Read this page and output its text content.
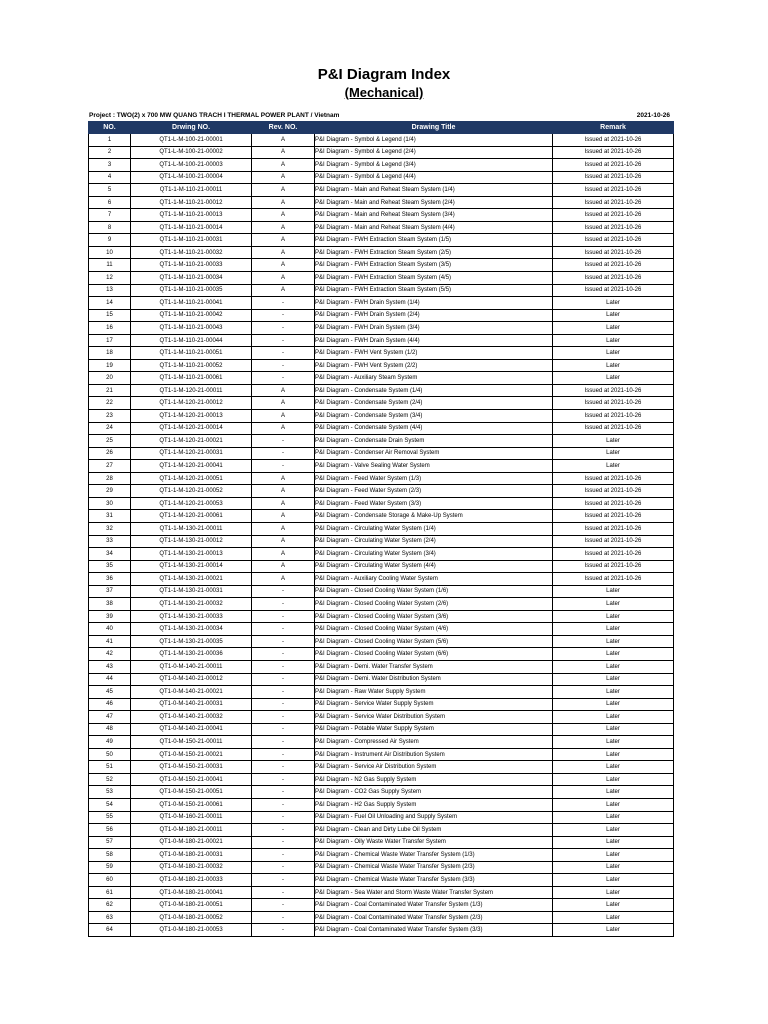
P&I Diagram Index
(Mechanical)
Project : TWO(2) x 700 MW QUANG TRACH I THERMAL POWER PLANT / Vietnam	2021-10-26
NO.	Drwing NO.	Rev. NO.	Drawing Title	Remark
1	QT1-L-M-100-21-00001	A	P&I Diagram - Symbol & Legend (1/4)	Issued at 2021-10-26
2	QT1-L-M-100-21-00002	A	P&I Diagram - Symbol & Legend (2/4)	Issued at 2021-10-26
3	QT1-L-M-100-21-00003	A	P&I Diagram - Symbol & Legend (3/4)	Issued at 2021-10-26
4	QT1-L-M-100-21-00004	A	P&I Diagram - Symbol & Legend (4/4)	Issued at 2021-10-26
5	QT1-1-M-110-21-00011	A	P&I Diagram - Main and Reheat Steam System (1/4)	Issued at 2021-10-26
6	QT1-1-M-110-21-00012	A	P&I Diagram - Main and Reheat Steam System (2/4)	Issued at 2021-10-26
7	QT1-1-M-110-21-00013	A	P&I Diagram - Main and Reheat Steam System (3/4)	Issued at 2021-10-26
8	QT1-1-M-110-21-00014	A	P&I Diagram - Main and Reheat Steam System (4/4)	Issued at 2021-10-26
9	QT1-1-M-110-21-00031	A	P&I Diagram - FWH Extraction Steam System (1/5)	Issued at 2021-10-26
10	QT1-1-M-110-21-00032	A	P&I Diagram - FWH Extraction Steam System (2/5)	Issued at 2021-10-26
11	QT1-1-M-110-21-00033	A	P&I Diagram - FWH Extraction Steam System (3/5)	Issued at 2021-10-26
12	QT1-1-M-110-21-00034	A	P&I Diagram - FWH Extraction Steam System (4/5)	Issued at 2021-10-26
13	QT1-1-M-110-21-00035	A	P&I Diagram - FWH Extraction Steam System (5/5)	Issued at 2021-10-26
14	QT1-1-M-110-21-00041	-	P&I Diagram - FWH Drain System (1/4)	Later
15	QT1-1-M-110-21-00042	-	P&I Diagram - FWH Drain System (2/4)	Later
16	QT1-1-M-110-21-00043	-	P&I Diagram - FWH Drain System (3/4)	Later
17	QT1-1-M-110-21-00044	-	P&I Diagram - FWH Drain System (4/4)	Later
18	QT1-1-M-110-21-00051	-	P&I Diagram - FWH Vent System (1/2)	Later
19	QT1-1-M-110-21-00052	-	P&I Diagram - FWH Vent System (2/2)	Later
20	QT1-1-M-110-21-00061	-	P&I Diagram - Auxiliary Steam System	Later
21	QT1-1-M-120-21-00011	A	P&I Diagram - Condensate System (1/4)	Issued at 2021-10-26
22	QT1-1-M-120-21-00012	A	P&I Diagram - Condensate System (2/4)	Issued at 2021-10-26
23	QT1-1-M-120-21-00013	A	P&I Diagram - Condensate System (3/4)	Issued at 2021-10-26
24	QT1-1-M-120-21-00014	A	P&I Diagram - Condensate System (4/4)	Issued at 2021-10-26
25	QT1-1-M-120-21-00021	-	P&I Diagram - Condensate Drain System	Later
26	QT1-1-M-120-21-00031	-	P&I Diagram - Condenser Air Removal System	Later
27	QT1-1-M-120-21-00041	-	P&I Diagram - Valve Sealing Water System	Later
28	QT1-1-M-120-21-00051	A	P&I Diagram - Feed Water System (1/3)	Issued at 2021-10-26
29	QT1-1-M-120-21-00052	A	P&I Diagram - Feed Water System (2/3)	Issued at 2021-10-26
30	QT1-1-M-120-21-00053	A	P&I Diagram - Feed Water System (3/3)	Issued at 2021-10-26
31	QT1-1-M-120-21-00061	A	P&I Diagram - Condensate Storage & Make-Up System	Issued at 2021-10-26
32	QT1-1-M-130-21-00011	A	P&I Diagram - Circulating Water System (1/4)	Issued at 2021-10-26
33	QT1-1-M-130-21-00012	A	P&I Diagram - Circulating Water System (2/4)	Issued at 2021-10-26
34	QT1-1-M-130-21-00013	A	P&I Diagram - Circulating Water System (3/4)	Issued at 2021-10-26
35	QT1-1-M-130-21-00014	A	P&I Diagram - Circulating Water System (4/4)	Issued at 2021-10-26
36	QT1-1-M-130-21-00021	A	P&I Diagram - Auxiliary Cooling Water System	Issued at 2021-10-26
37	QT1-1-M-130-21-00031	-	P&I Diagram - Closed Cooling Water System (1/6)	Later
38	QT1-1-M-130-21-00032	-	P&I Diagram - Closed Cooling Water System (2/6)	Later
39	QT1-1-M-130-21-00033	-	P&I Diagram - Closed Cooling Water System (3/6)	Later
40	QT1-1-M-130-21-00034	-	P&I Diagram - Closed Cooling Water System (4/6)	Later
41	QT1-1-M-130-21-00035	-	P&I Diagram - Closed Cooling Water System (5/6)	Later
42	QT1-1-M-130-21-00036	-	P&I Diagram - Closed Cooling Water System (6/6)	Later
43	QT1-0-M-140-21-00011	-	P&I Diagram - Demi. Water Transfer System	Later
44	QT1-0-M-140-21-00012	-	P&I Diagram - Demi. Water Distribution System	Later
45	QT1-0-M-140-21-00021	-	P&I Diagram - Raw Water Supply System	Later
46	QT1-0-M-140-21-00031	-	P&I Diagram - Service Water Supply System	Later
47	QT1-0-M-140-21-00032	-	P&I Diagram - Service Water Distribution System	Later
48	QT1-0-M-140-21-00041	-	P&I Diagram - Potable Water Supply System	Later
49	QT1-0-M-150-21-00011	-	P&I Diagram - Compressed Air System	Later
50	QT1-0-M-150-21-00021	-	P&I Diagram - Instrument Air Distribution System	Later
51	QT1-0-M-150-21-00031	-	P&I Diagram - Service Air Distribution System	Later
52	QT1-0-M-150-21-00041	-	P&I Diagram - N2 Gas Supply System	Later
53	QT1-0-M-150-21-00051	-	P&I Diagram - CO2 Gas Supply System	Later
54	QT1-0-M-150-21-00061	-	P&I Diagram - H2 Gas Supply System	Later
55	QT1-0-M-160-21-00011	-	P&I Diagram - Fuel Oil Unloading and Supply System	Later
56	QT1-0-M-180-21-00011	-	P&I Diagram - Clean and Dirty Lube Oil System	Later
57	QT1-0-M-180-21-00021	-	P&I Diagram - Oily Waste Water Transfer System	Later
58	QT1-0-M-180-21-00031	-	P&I Diagram - Chemical Waste Water Transfer System (1/3)	Later
59	QT1-0-M-180-21-00032	-	P&I Diagram - Chemical Waste Water Transfer System (2/3)	Later
60	QT1-0-M-180-21-00033	-	P&I Diagram - Chemical Waste Water Transfer System (3/3)	Later
61	QT1-0-M-180-21-00041	-	P&I Diagram - Sea Water and Storm Waste Water Transfer System	Later
62	QT1-0-M-180-21-00051	-	P&I Diagram - Coal Contaminated Water Transfer System (1/3)	Later
63	QT1-0-M-180-21-00052	-	P&I Diagram - Coal Contaminated Water Transfer System (2/3)	Later
64	QT1-0-M-180-21-00053	-	P&I Diagram - Coal Contaminated Water Transfer System (3/3)	Later
